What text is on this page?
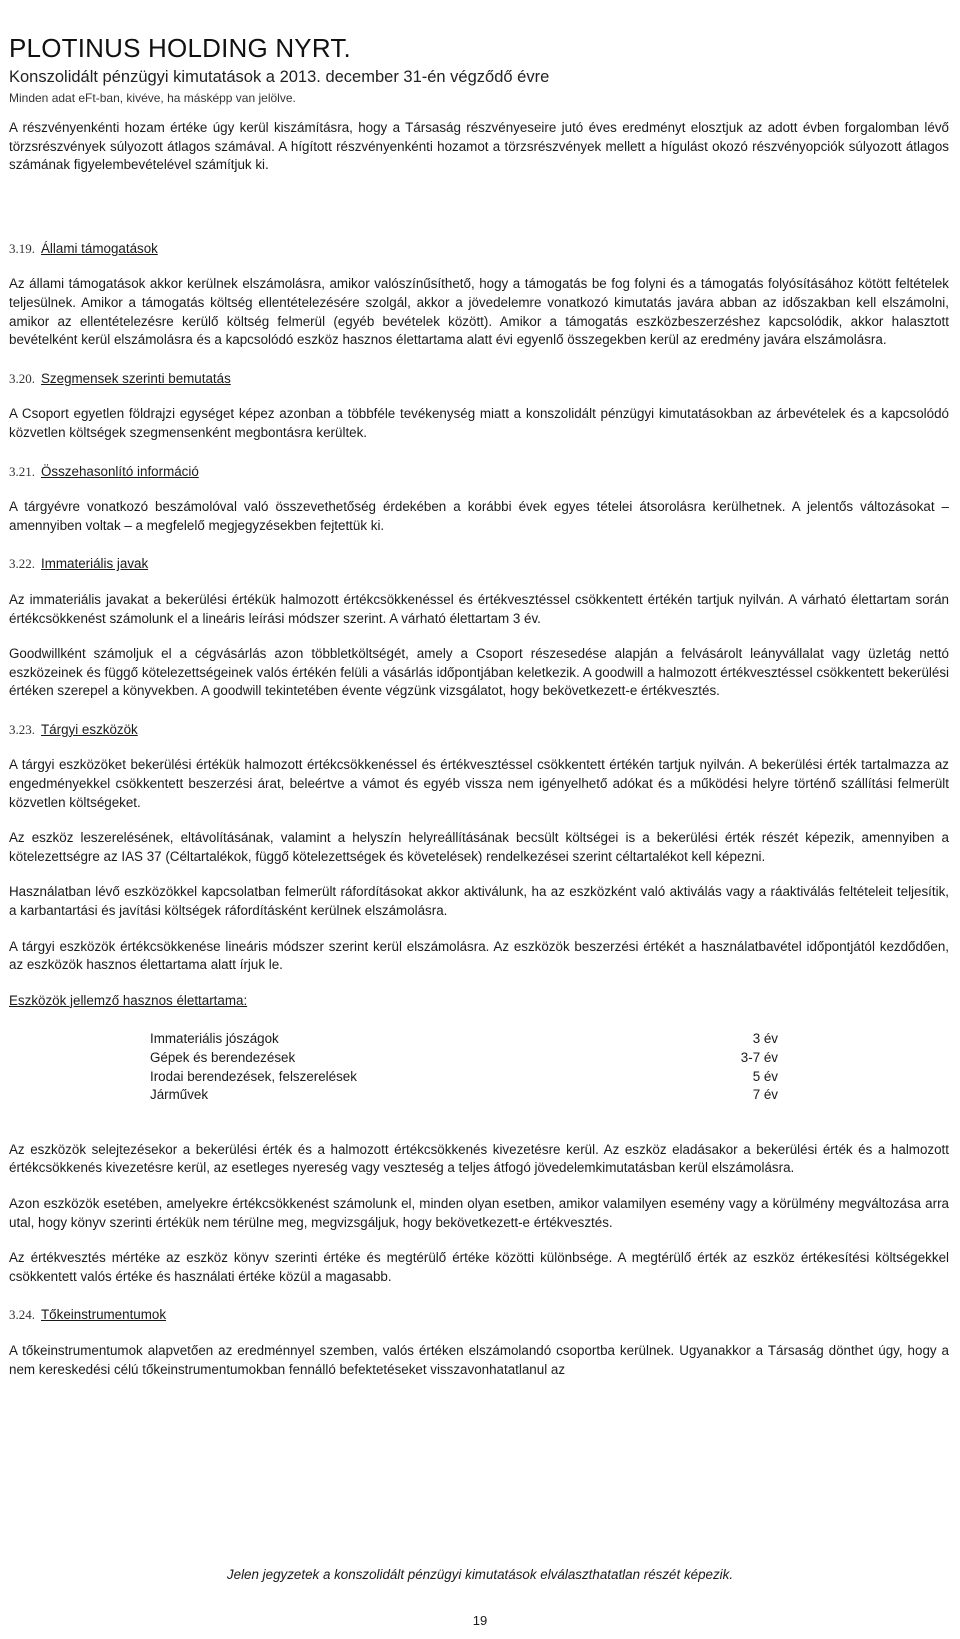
PLOTINUS HOLDING NYRT.
Konszolidált pénzügyi kimutatások a 2013. december 31-én végződő évre
Minden adat eFt-ban, kivéve, ha másképp van jelölve.

A részvényenkénti hozam értéke úgy kerül kiszámításra, hogy a Társaság részvényeseire jutó éves eredményt elosztjuk az adott évben forgalomban lévő törzsrészvények súlyozott átlagos számával. A hígított részvényenkénti hozamot a törzsrészvények mellett a hígulást okozó részvényopciók súlyozott átlagos számának figyelembevételével számítjuk ki.

3.19. Állami támogatások

Az állami támogatások akkor kerülnek elszámolásra, amikor valószínűsíthető, hogy a támogatás be fog folyni és a támogatás folyósításához kötött feltételek teljesülnek. Amikor a támogatás költség ellentételezésére szolgál, akkor a jövedelemre vonatkozó kimutatás javára abban az időszakban kell elszámolni, amikor az ellentételezésre kerülő költség felmerül (egyéb bevételek között). Amikor a támogatás eszközbeszerzéshez kapcsolódik, akkor halasztott bevételként kerül elszámolásra és a kapcsolódó eszköz hasznos élettartama alatt évi egyenlő összegekben kerül az eredmény javára elszámolásra.

3.20. Szegmensek szerinti bemutatás

A Csoport egyetlen földrajzi egységet képez azonban a többféle tevékenység miatt a konszolidált pénzügyi kimutatásokban az árbevételek és a kapcsolódó közvetlen költségek szegmensenként megbontásra kerültek.

3.21. Összehasonlító információ

A tárgyévre vonatkozó beszámolóval való összevethetőség érdekében a korábbi évek egyes tételei átsorolásra kerülhetnek. A jelentős változásokat – amennyiben voltak – a megfelelő megjegyzésekben fejtettük ki.

3.22. Immateriális javak

Az immateriális javakat a bekerülési értékük halmozott értékcsökkenéssel és értékvesztéssel csökkentett értékén tartjuk nyilván. A várható élettartam során értékcsökkenést számolunk el a lineáris leírási módszer szerint. A várható élettartam 3 év.

Goodwillként számoljuk el a cégvásárlás azon többletköltségét, amely a Csoport részesedése alapján a felvásárolt leányvállalat vagy üzletág nettó eszközeinek és függő kötelezettségeinek valós értékén felüli a vásárlás időpontjában keletkezik. A goodwill a halmozott értékvesztéssel csökkentett bekerülési értéken szerepel a könyvekben. A goodwill tekintetében évente végzünk vizsgálatot, hogy bekövetkezett-e értékvesztés.

3.23. Tárgyi eszközök

A tárgyi eszközöket bekerülési értékük halmozott értékcsökkenéssel és értékvesztéssel csökkentett értékén tartjuk nyilván. A bekerülési érték tartalmazza az engedményekkel csökkentett beszerzési árat, beleértve a vámot és egyéb vissza nem igényelhető adókat és a működési helyre történő szállítási felmerült közvetlen költségeket.

Az eszköz leszerelésének, eltávolításának, valamint a helyszín helyreállításának becsült költségei is a bekerülési érték részét képezik, amennyiben a kötelezettségre az IAS 37 (Céltartalékok, függő kötelezettségek és követelések) rendelkezései szerint céltartalékot kell képezni.

Használatban lévő eszközökkel kapcsolatban felmerült ráfordításokat akkor aktiválunk, ha az eszközként való aktiválás vagy a ráaktiválás feltételeit teljesítik, a karbantartási és javítási költségek ráfordításként kerülnek elszámolásra.

A tárgyi eszközök értékcsökkenése lineáris módszer szerint kerül elszámolásra. Az eszközök beszerzési értékét a használatbavétel időpontjától kezdődően, az eszközök hasznos élettartama alatt írjuk le.

Eszközök jellemző hasznos élettartama:
Immateriális jószágok	3 év
Gépek és berendezések	3-7 év
Irodai berendezések, felszerelések	5 év
Járművek	7 év

Az eszközök selejtezésekor a bekerülési érték és a halmozott értékcsökkenés kivezetésre kerül. Az eszköz eladásakor a bekerülési érték és a halmozott értékcsökkenés kivezetésre kerül, az esetleges nyereség vagy veszteség a teljes átfogó jövedelemkimutatásban kerül elszámolásra.

Azon eszközök esetében, amelyekre értékcsökkenést számolunk el, minden olyan esetben, amikor valamilyen esemény vagy a körülmény megváltozása arra utal, hogy könyv szerinti értékük nem térülne meg, megvizsgáljuk, hogy bekövetkezett-e értékvesztés.

Az értékvesztés mértéke az eszköz könyv szerinti értéke és megtérülő értéke közötti különbsége. A megtérülő érték az eszköz értékesítési költségekkel csökkentett valós értéke és használati értéke közül a magasabb.

3.24. Tőkeinstrumentumok

A tőkeinstrumentumok alapvetően az eredménnyel szemben, valós értéken elszámolandó csoportba kerülnek. Ugyanakkor a Társaság dönthet úgy, hogy a nem kereskedési célú tőkeinstrumentumokban fennálló befektetéseket visszavonhatatlanul az

Jelen jegyzetek a konszolidált pénzügyi kimutatások elválaszthatatlan részét képezik.
19
